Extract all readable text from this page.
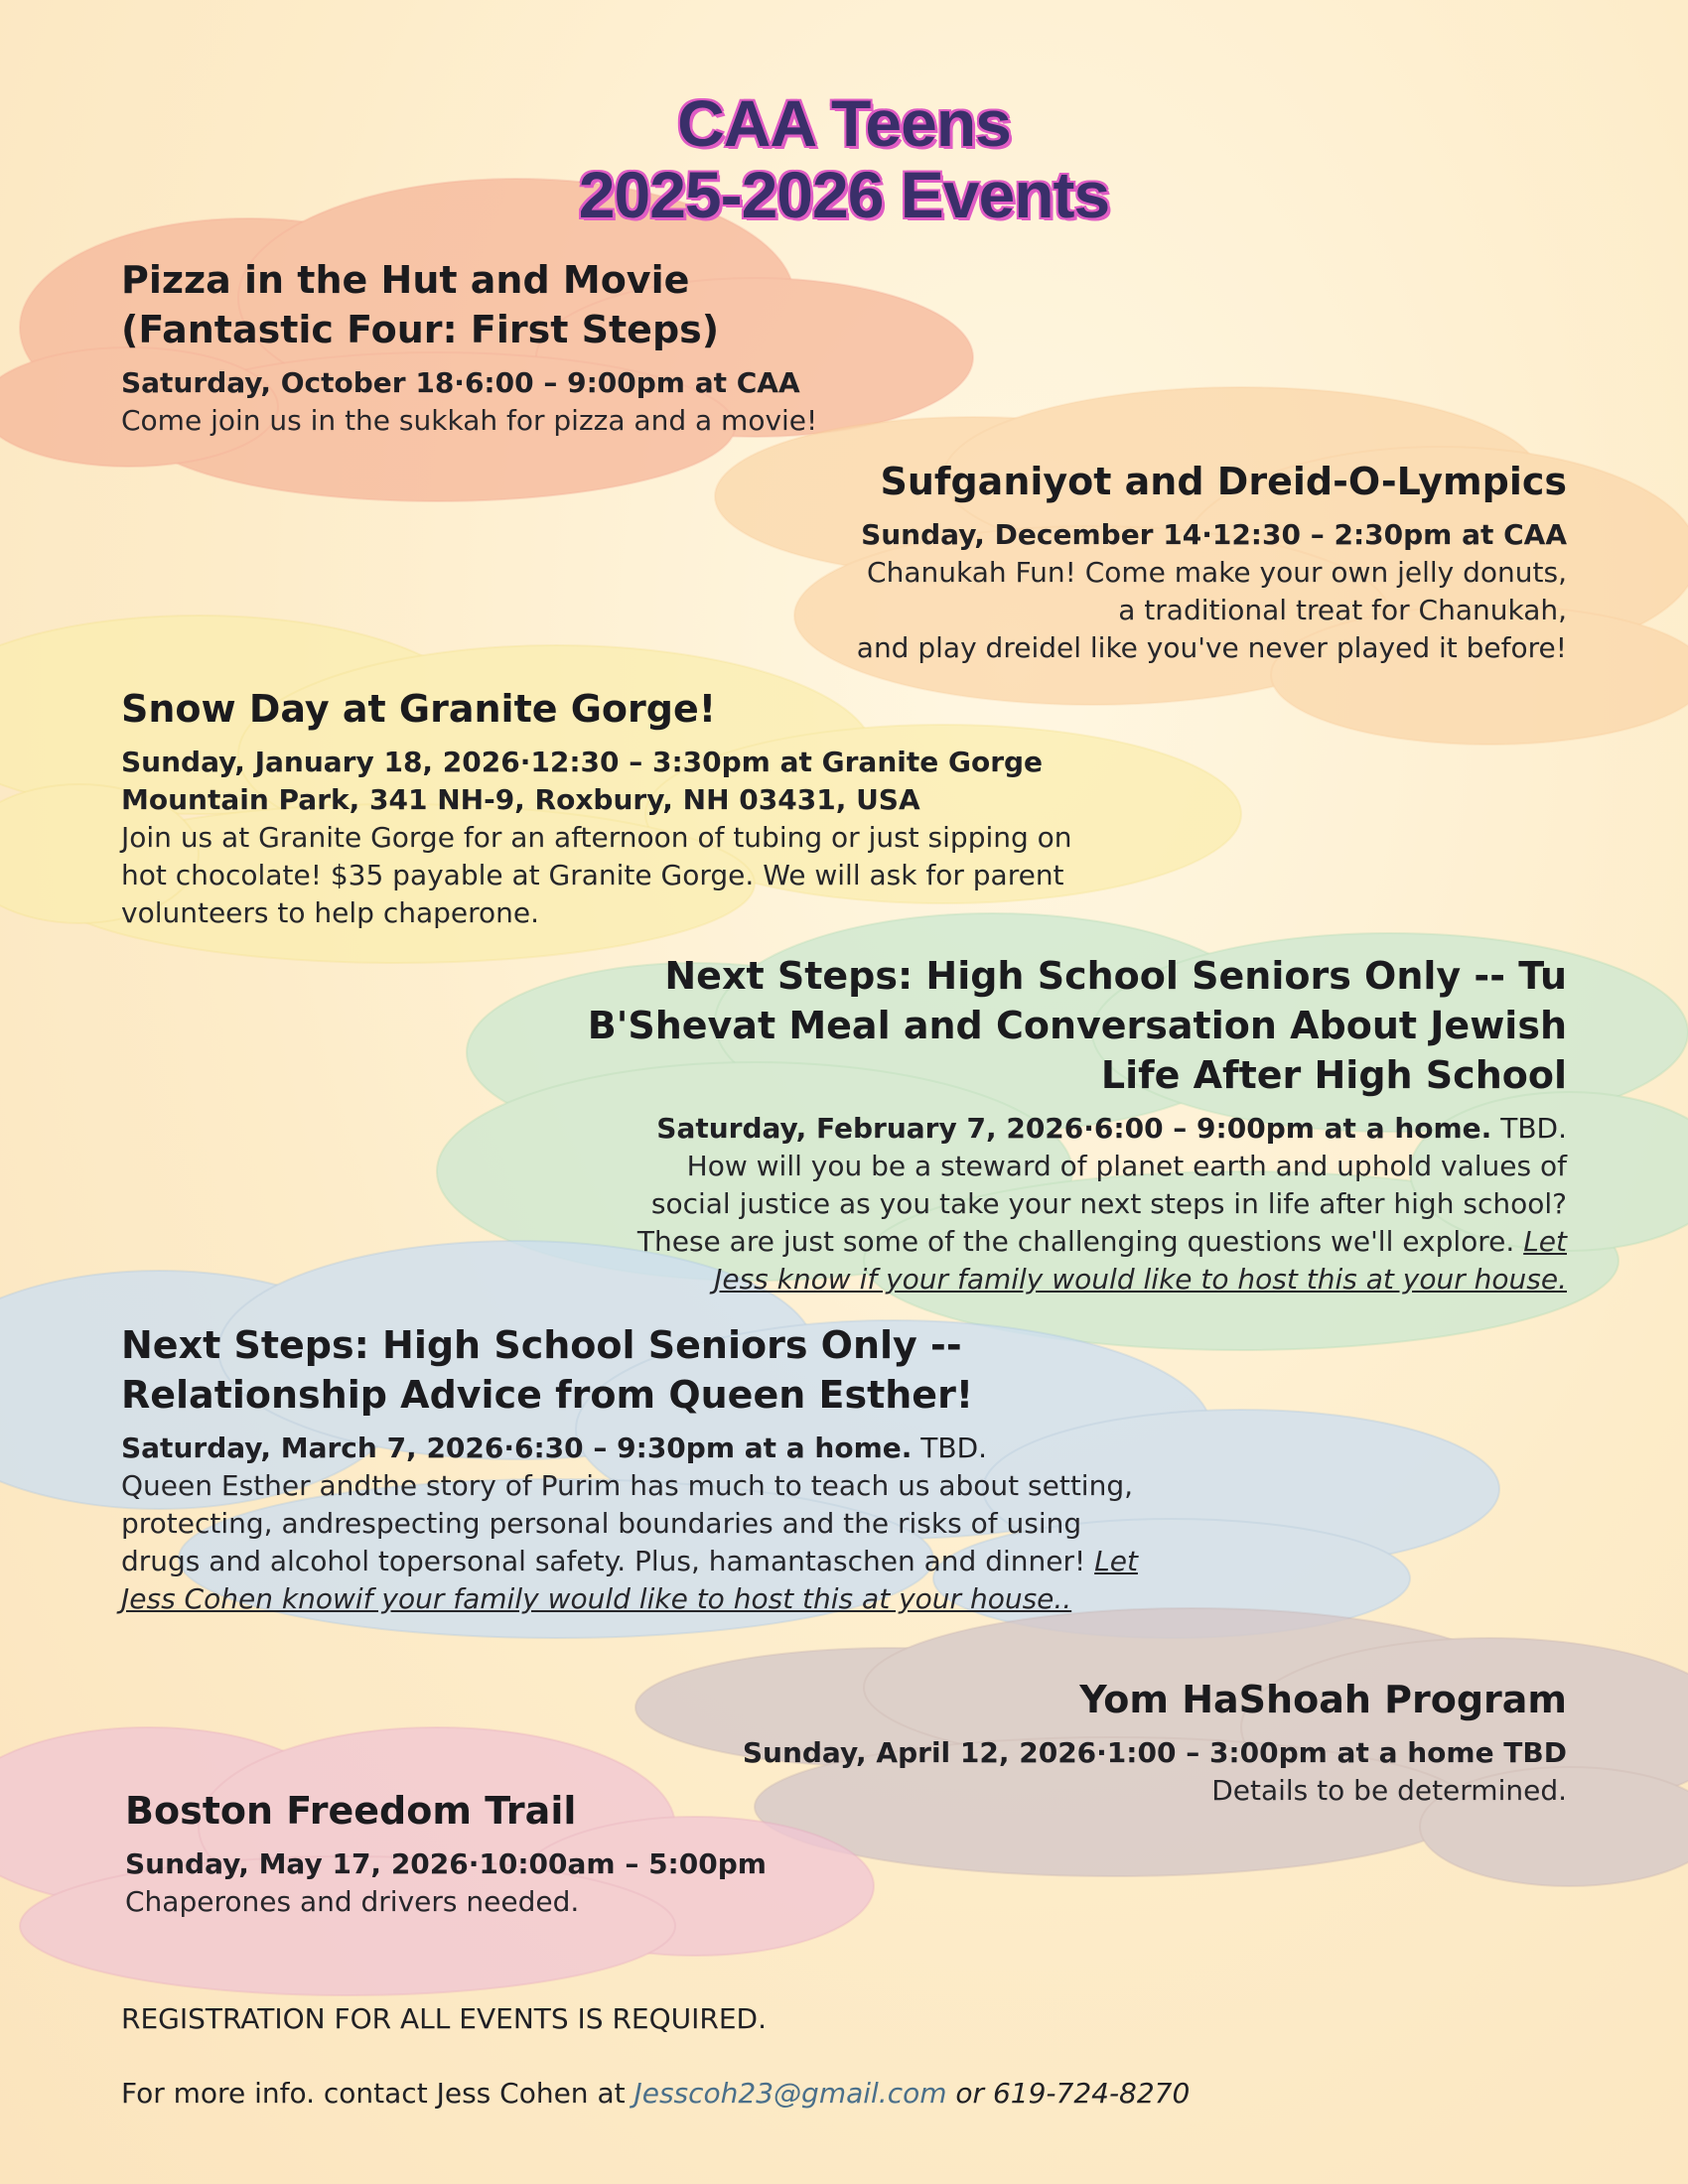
CAA Teens
2025-2026 Events
Pizza in the Hut and Movie
(Fantastic Four: First Steps)
Saturday, October 18·6:00 – 9:00pm at CAA
Come join us in the sukkah for pizza and a movie!
Sufganiyot and Dreid-O-Lympics
Sunday, December 14·12:30 – 2:30pm at CAA
Chanukah Fun! Come make your own jelly donuts,
a traditional treat for Chanukah,
and play dreidel like you've never played it before!
Snow Day at Granite Gorge!
Sunday, January 18, 2026·12:30 – 3:30pm at Granite Gorge
Mountain Park, 341 NH-9, Roxbury, NH 03431, USA
Join us at Granite Gorge for an afternoon of tubing or just sipping on
hot chocolate! $35 payable at Granite Gorge. We will ask for parent
volunteers to help chaperone.
Next Steps: High School Seniors Only -- Tu
B'Shevat Meal and Conversation About Jewish
Life After High School
Saturday, February 7, 2026·6:00 – 9:00pm at a home. TBD.
How will you be a steward of planet earth and uphold values of
social justice as you take your next steps in life after high school?
These are just some of the challenging questions we'll explore. Let
Jess know if your family would like to host this at your house.
Next Steps: High School Seniors Only --
Relationship Advice from Queen Esther!
Saturday, March 7, 2026·6:30 – 9:30pm at a home. TBD.
Queen Esther andthe story of Purim has much to teach us about setting,
protecting, andrespecting personal boundaries and the risks of using
drugs and alcohol topersonal safety. Plus, hamantaschen and dinner! Let
Jess Cohen knowif your family would like to host this at your house..
Yom HaShoah Program
Sunday, April 12, 2026·1:00 – 3:00pm at a home TBD
Details to be determined.
Boston Freedom Trail
Sunday, May 17, 2026·10:00am – 5:00pm
Chaperones and drivers needed.
REGISTRATION FOR ALL EVENTS IS REQUIRED.
For more info. contact Jess Cohen at Jesscoh23@gmail.com or 619-724-8270
